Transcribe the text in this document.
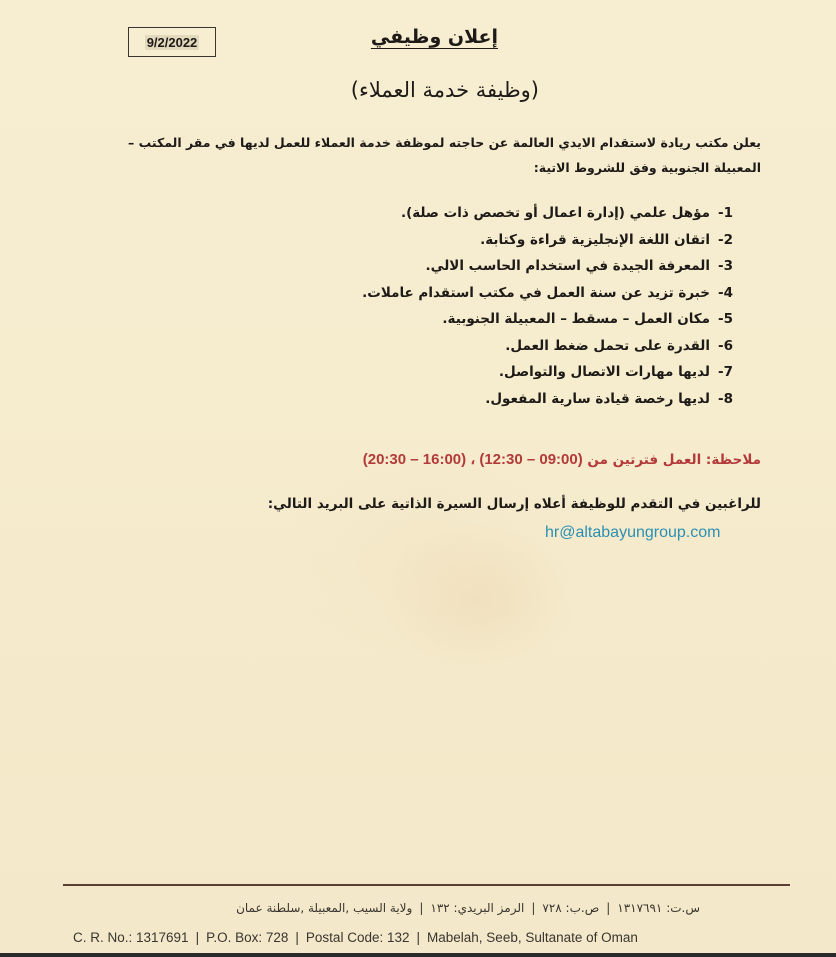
9/2/2022	إعلان وظيفي
(وظيفة خدمة العملاء)
يعلن مكتب ريادة لاستقدام الايدي العالمة عن حاجته لموظفة خدمة العملاء للعمل لديها في مقر المكتب – المعبيلة الجنوبية وفق للشروط الاتية:
-1مؤهل علمي (إدارة اعمال أو تخصص ذات صلة).
-2اتقان اللغة الإنجليزية قراءة وكتابة.
-3المعرفة الجيدة في استخدام الحاسب الالي.
-4خبرة تزيد عن سنة العمل في مكتب استقدام عاملات.
-5مكان العمل – مسقط – المعبيلة الجنوبية.
-6القدرة على تحمل ضغط العمل.
-7لديها مهارات الاتصال والتواصل.
-8لديها رخصة قيادة سارية المفعول.
ملاحظة: العمل فترتين من (20:30 – 16:00) ، (12:30 – 09:00)
للراغبين في التقدم للوظيفة أعلاه إرسال السيرة الذاتية على البريد التالي:
hr@altabayungroup.com
س.ت: ١٣١٧٦٩١|ص.ب: ٧٢٨|الرمز البريدي: ١٣٢|ولاية السيب ,المعبيلة ,سلطنة عمان
C. R. No.: 1317691 | P.O. Box: 728 | Postal Code: 132 | Mabelah, Seeb, Sultanate of Oman
